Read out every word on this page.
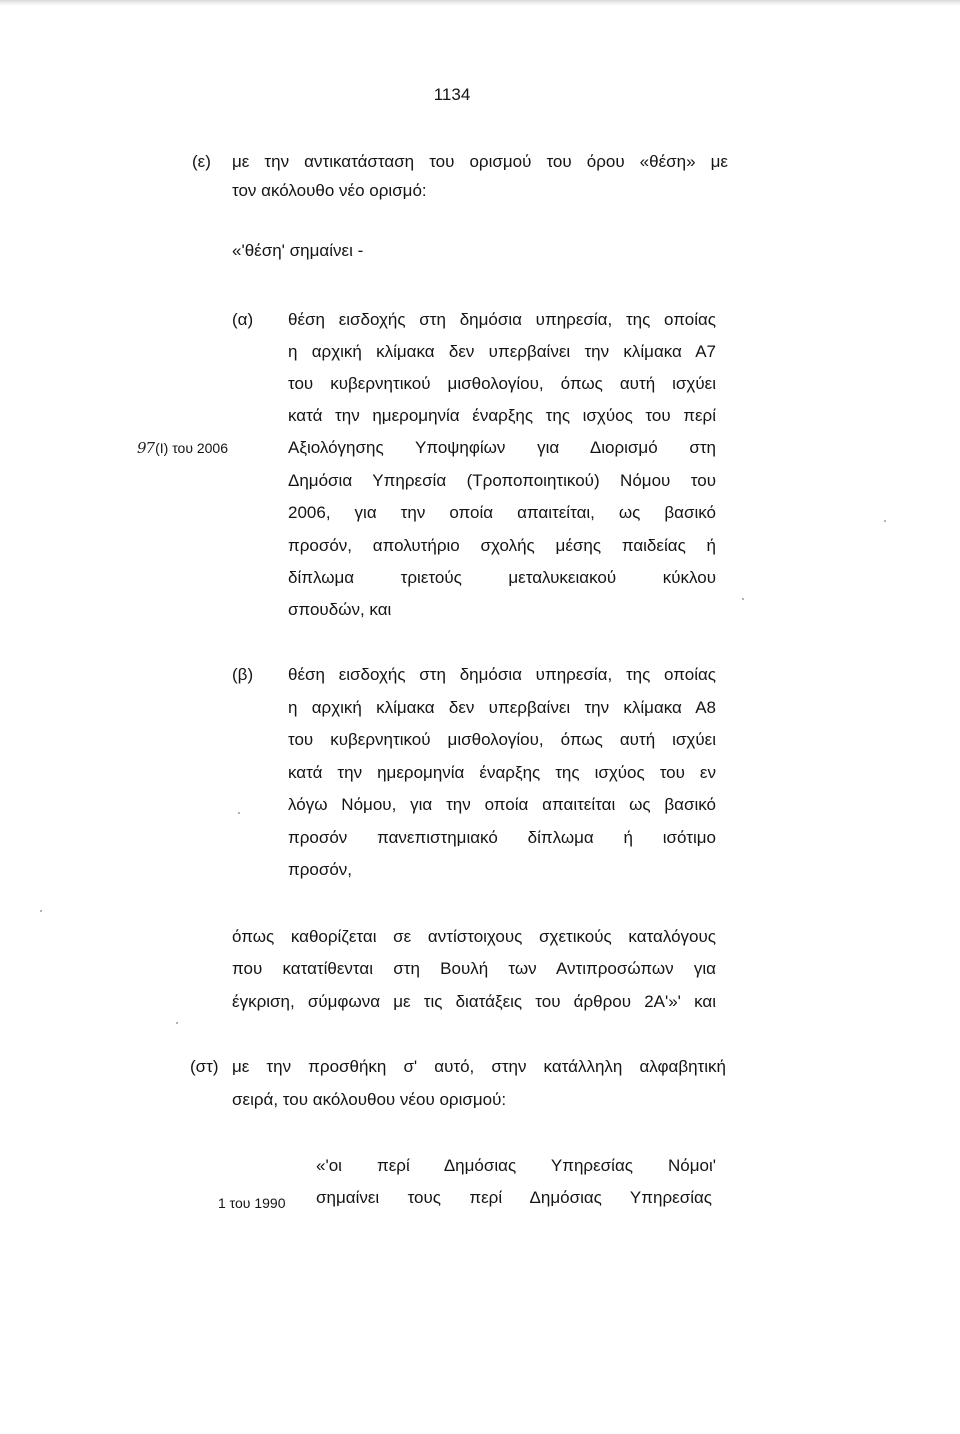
1134
(ε) με την αντικατάσταση του ορισμού του όρου «θέση» με
τον ακόλουθο νέο ορισμό:
«'θέση' σημαίνει -
(α) θέση εισδοχής στη δημόσια υπηρεσία, της οποίας
η αρχική κλίμακα δεν υπερβαίνει την κλίμακα Α7
του κυβερνητικού μισθολογίου, όπως αυτή ισχύει
κατά την ημερομηνία έναρξης της ισχύος του περί
Αξιολόγησης Υποψηφίων για Διορισμό στη
Δημόσια Υπηρεσία (Τροποποιητικού) Νόμου του
2006, για την οποία απαιτείται, ως βασικό
προσόν, απολυτήριο σχολής μέσης παιδείας ή
δίπλωμα τριετούς μεταλυκειακού κύκλου
σπουδών, και
97(Ι) του 2006
(β) θέση εισδοχής στη δημόσια υπηρεσία, της οποίας
η αρχική κλίμακα δεν υπερβαίνει την κλίμακα Α8
του κυβερνητικού μισθολογίου, όπως αυτή ισχύει
κατά την ημερομηνία έναρξης της ισχύος του εν
λόγω Νόμου, για την οποία απαιτείται ως βασικό
προσόν πανεπιστημιακό δίπλωμα ή ισότιμο
προσόν,
όπως καθορίζεται σε αντίστοιχους σχετικούς καταλόγους
που κατατίθενται στη Βουλή των Αντιπροσώπων για
έγκριση, σύμφωνα με τις διατάξεις του άρθρου 2Α'»' και
(στ) με την προσθήκη σ' αυτό, στην κατάλληλη αλφαβητική
σειρά, του ακόλουθου νέου ορισμού:
«'οι περί Δημόσιας Υπηρεσίας Νόμοι'
σημαίνει τους περί Δημόσιας Υπηρεσίας
1 του 1990
